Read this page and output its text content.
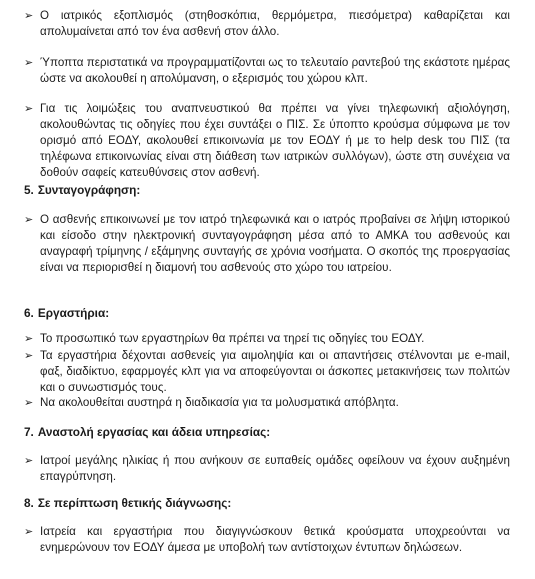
➢ Ο ιατρικός εξοπλισμός (στηθοσκόπια, θερμόμετρα, πιεσόμετρα) καθαρίζεται και απολυμαίνεται από τον ένα ασθενή στον άλλο.
➢ Ύποπτα περιστατικά να προγραμματίζονται ως το τελευταίο ραντεβού της εκάστοτε ημέρας ώστε να ακολουθεί η απολύμανση, ο εξερισμός του χώρου κλπ.
➢ Για τις λοιμώξεις του αναπνευστικού θα πρέπει να γίνει τηλεφωνική αξιολόγηση, ακολουθώντας τις οδηγίες που έχει συντάξει ο ΠΙΣ. Σε ύποπτο κρούσμα σύμφωνα με τον ορισμό από ΕΟΔΥ, ακολουθεί επικοινωνία με τον ΕΟΔΥ ή με το help desk του ΠΙΣ (τα τηλέφωνα επικοινωνίας είναι στη διάθεση των ιατρικών συλλόγων), ώστε στη συνέχεια να δοθούν σαφείς κατευθύνσεις στον ασθενή.
5. Συνταγογράφηση:
➢ Ο ασθενής επικοινωνεί με τον ιατρό τηλεφωνικά και ο ιατρός προβαίνει σε λήψη ιστορικού και είσοδο στην ηλεκτρονική συνταγογράφηση μέσα από το ΑΜΚΑ του ασθενούς και αναγραφή τρίμηνης / εξάμηνης συνταγής σε χρόνια νοσήματα. Ο σκοπός της προεργασίας είναι να περιορισθεί η διαμονή του ασθενούς στο χώρο του ιατρείου.
6. Εργαστήρια:
➢ Το προσωπικό των εργαστηρίων θα πρέπει να τηρεί τις οδηγίες του ΕΟΔΥ.
➢ Τα εργαστήρια δέχονται ασθενείς για αιμοληψία και οι απαντήσεις στέλνονται με e-mail, φαξ, διαδίκτυο, εφαρμογές κλπ για να αποφεύγονται οι άσκοπες μετακινήσεις των πολιτών και ο συνωστισμός τους.
➢ Να ακολουθείται αυστηρά η διαδικασία για τα μολυσματικά απόβλητα.
7. Αναστολή εργασίας και άδεια υπηρεσίας:
➢ Ιατροί μεγάλης ηλικίας ή που ανήκουν σε ευπαθείς ομάδες οφείλουν να έχουν αυξημένη επαγρύπνηση.
8. Σε περίπτωση θετικής διάγνωσης:
➢ Ιατρεία και εργαστήρια που διαγιγνώσκουν θετικά κρούσματα υποχρεούνται να ενημερώνουν τον ΕΟΔΥ άμεσα με υποβολή των αντίστοιχων έντυπων δηλώσεων.
